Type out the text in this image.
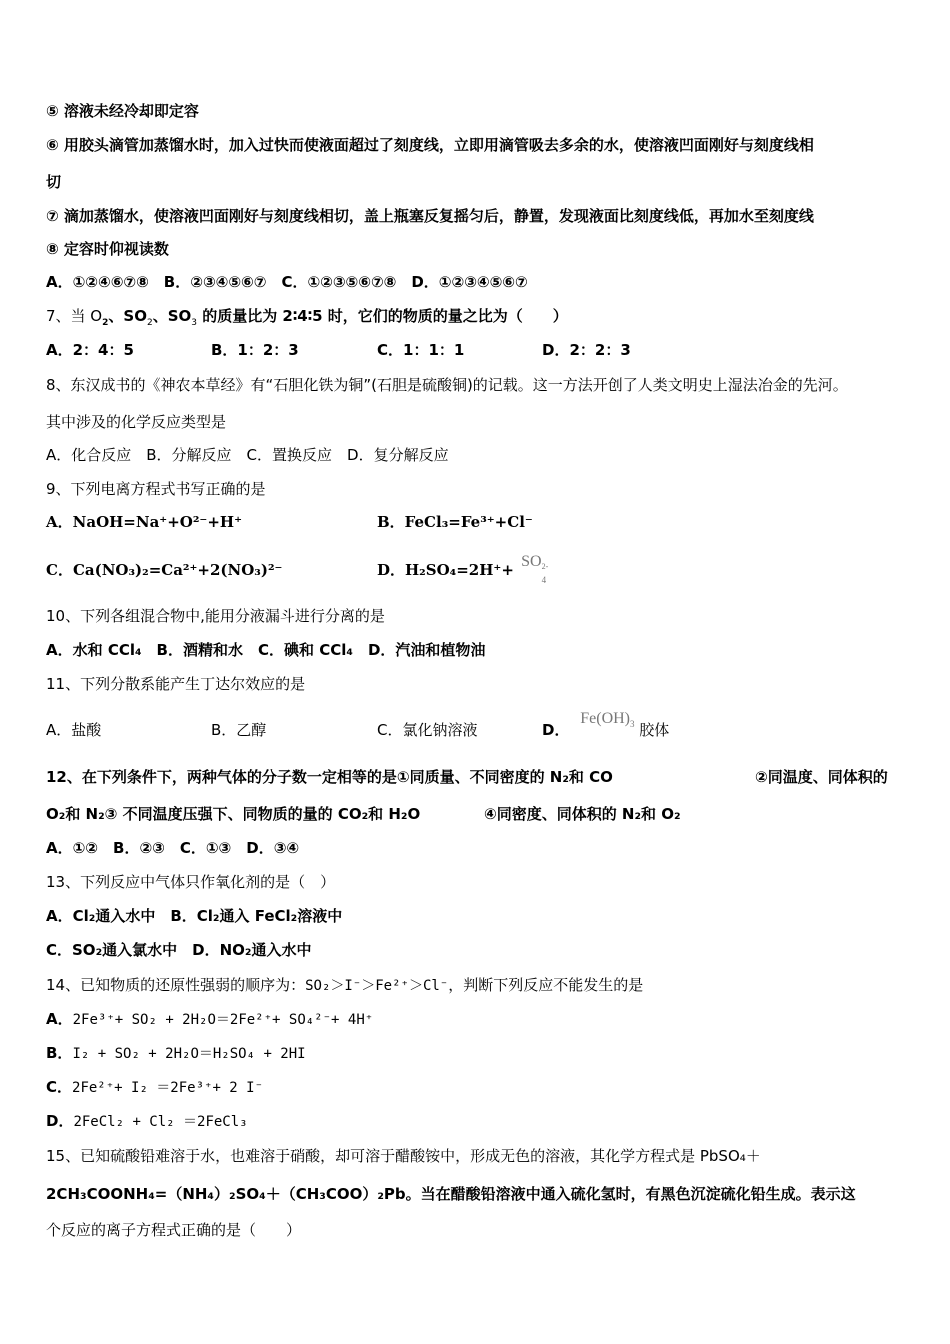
⑤ 溶液未经冷却即定容
⑥ 用胶头滴管加蒸馏水时，加入过快而使液面超过了刻度线，立即用滴管吸去多余的水，使溶液凹面刚好与刻度线相
切
⑦ 滴加蒸馏水，使溶液凹面刚好与刻度线相切，盖上瓶塞反复摇匀后，静置，发现液面比刻度线低，再加水至刻度线
⑧ 定容时仰视读数
A．①②④⑥⑦⑧　B．②③④⑤⑥⑦　C．①②③⑤⑥⑦⑧　D．①②③④⑤⑥⑦
7、当 $O_2$、$SO_2$、$SO_3$ 的质量比为 2∶4∶5 时，它们的物质的量之比为（　　）
A．2：4：5	B．1：2：3	C．1：1：1	D．2：2：3
8、东汉成书的《神农本草经》有“石胆化铁为铜”(石胆是硫酸铜)的记载。这一方法开创了人类文明史上湿法冶金的先河。
其中涉及的化学反应类型是
A．化合反应　B．分解反应　C．置换反应　D．复分解反应
9、下列电离方程式书写正确的是
A．NaOH=Na⁺+O²⁻+H⁺	B．FeCl₃=Fe³⁺+Cl⁻
C．Ca(NO₃)₂=Ca²⁺+2(NO₃)²⁻	D．H₂SO₄=2H⁺+ SO 2-
4
10、下列各组混合物中,能用分液漏斗进行分离的是
A．水和 CCl₄　B．酒精和水　C．碘和 CCl₄　D．汽油和植物油
11、下列分散系能产生丁达尔效应的是
A．盐酸	B．乙醇	C．氯化钠溶液	D． $Fe(OH)_3$ 胶体
12、在下列条件下，两种气体的分子数一定相等的是①同质量、不同密度的 N₂和 CO	②同温度、同体积的
O₂和 N₂③ 不同温度压强下、同物质的量的 CO₂和 H₂O	④同密度、同体积的 N₂和 O₂
A．①②　B．②③　C．①③　D．③④
13、下列反应中气体只作氧化剂的是（　）
A．Cl₂通入水中　B．Cl₂通入 FeCl₂溶液中
C．SO₂通入氯水中　D．NO₂通入水中
14、已知物质的还原性强弱的顺序为：SO₂＞I⁻＞Fe²⁺＞Cl⁻，判断下列反应不能发生的是
A．2Fe³⁺+ SO₂ + 2H₂O＝2Fe²⁺+ SO₄²⁻+ 4H⁺
B．I₂ + SO₂ + 2H₂O＝H₂SO₄ + 2HI
C．2Fe²⁺+ I₂ ＝2Fe³⁺+ 2 I⁻
D．2FeCl₂ + Cl₂ ＝2FeCl₃
15、已知硫酸铅难溶于水，也难溶于硝酸，却可溶于醋酸铵中，形成无色的溶液，其化学方程式是 PbSO₄＋
2CH₃COONH₄=（NH₄）₂SO₄＋（CH₃COO）₂Pb。当在醋酸铅溶液中通入硫化氢时，有黑色沉淀硫化铅生成。表示这
个反应的离子方程式正确的是（　　）
